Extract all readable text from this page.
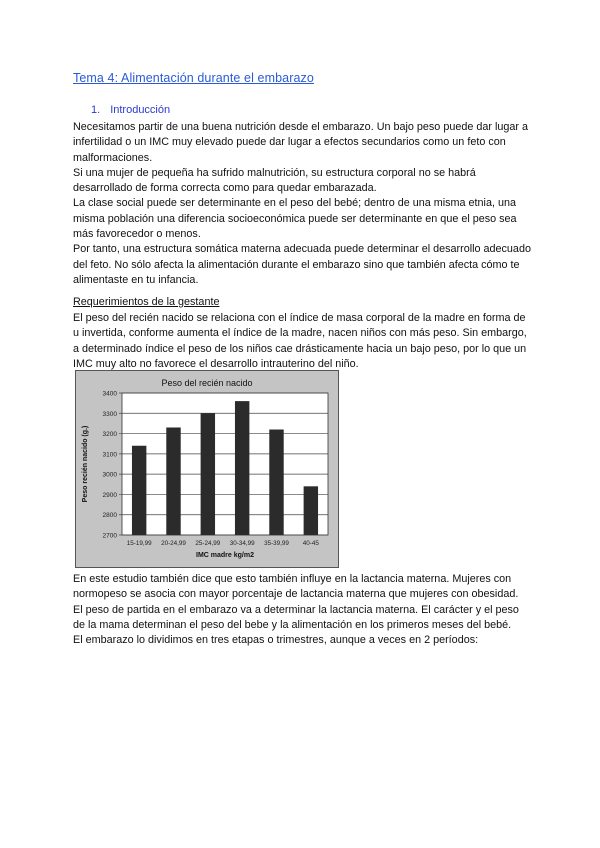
Tema 4: Alimentación durante el embarazo
1. Introducción

Necesitamos partir de una buena nutrición desde el embarazo. Un bajo peso puede dar lugar a infertilidad o un IMC muy elevado puede dar lugar a efectos secundarios como un feto con malformaciones.
Si una mujer de pequeña ha sufrido malnutrición, su estructura corporal no se habrá desarrollado de forma correcta como para quedar embarazada.
La clase social puede ser determinante en el peso del bebé; dentro de una misma etnia, una misma población una diferencia socioeconómica puede ser determinante en que el peso sea más favorecedor o menos.
Por tanto, una estructura somática materna adecuada puede determinar el desarrollo adecuado del feto. No sólo afecta la alimentación durante el embarazo sino que también afecta cómo te alimentaste en tu infancia.

Requerimientos de la gestante

El peso del recién nacido se relaciona con el índice de masa corporal de la madre en forma de u invertida, conforme aumenta el índice de la madre, nacen niños con más peso. Sin embargo, a determinado índice el peso de los niños cae drásticamente hacia un bajo peso, por lo que un IMC muy alto no favorece el desarrollo intrauterino del niño.

Peso del recién nacido
2700
2800
2900
3000
3100
3200
3300
3400
15-19,99 20-24,99 25-24,99 30-34,99 35-39,99 40-45
Peso recién nacido (g.)
IMC madre kg/m2

En este estudio también dice que esto también influye en la lactancia materna. Mujeres con normopeso se asocia con mayor porcentaje de lactancia materna que mujeres con obesidad.
El peso de partida en el embarazo va a determinar la lactancia materna. El carácter y el peso de la mama determinan el peso del bebe y la alimentación en los primeros meses del bebé.
El embarazo lo dividimos en tres etapas o trimestres, aunque a veces en 2 períodos:
